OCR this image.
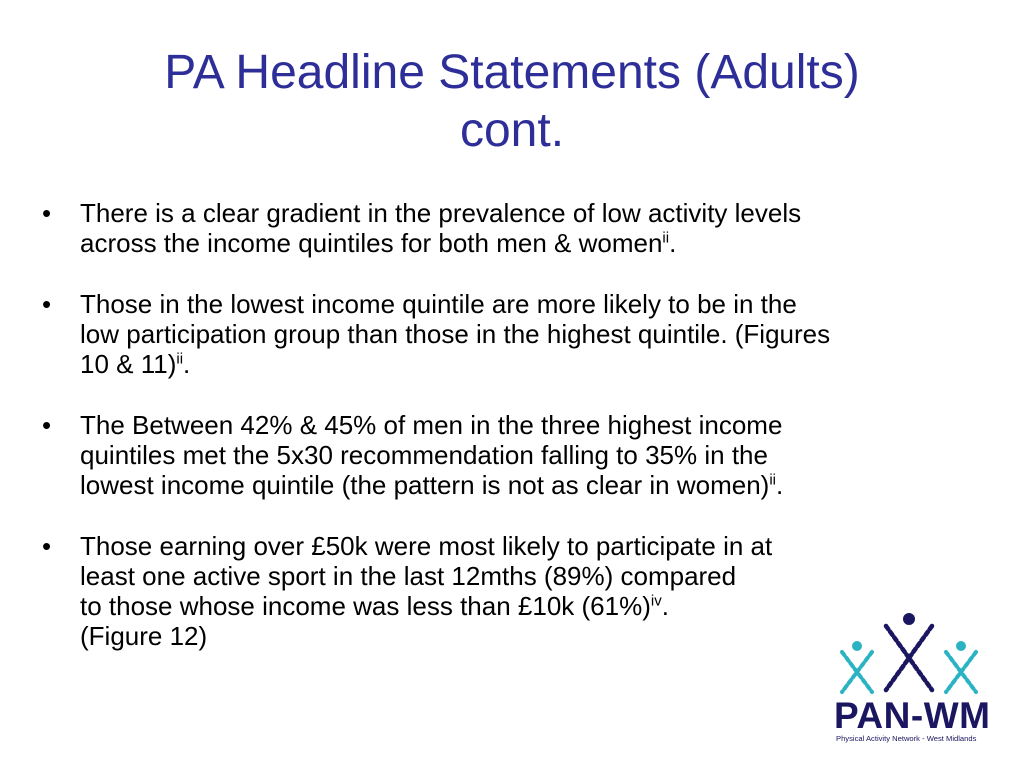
PA Headline Statements (Adults)
cont.
• There is a clear gradient in the prevalence of low activity levels
across the income quintiles for both men & women$^{ii}$.
• Those in the lowest income quintile are more likely to be in the
low participation group than those in the highest quintile. (Figures
10 & 11)$^{ii}$.
• The Between 42% & 45% of men in the three highest income
quintiles met the 5x30 recommendation falling to 35% in the
lowest income quintile (the pattern is not as clear in women)$^{ii}$.
• Those earning over £50k were most likely to participate in at
least one active sport in the last 12mths (89%) compared
to those whose income was less than £10k $(61\%)^{iv}$.
(Figure 12)
PAN-WM
Physical Activity Network - West Midlands
